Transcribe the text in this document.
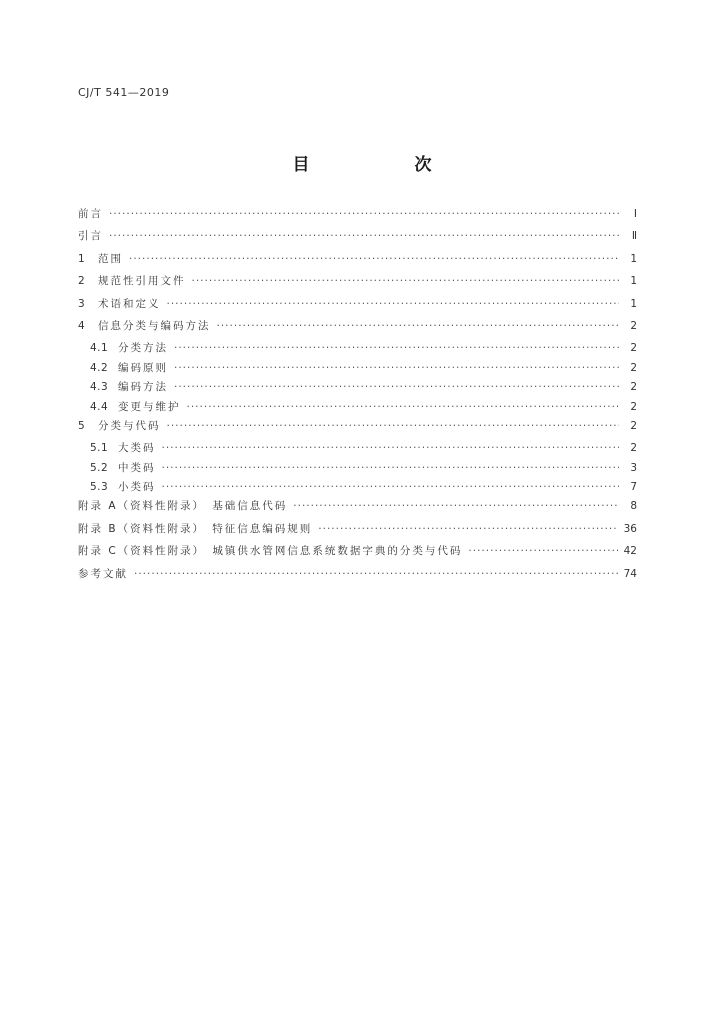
CJ/T 541—2019
目　次
前言 ·····	Ⅰ
引言 ·····	Ⅱ
1	范围 ·····	1
2	规范性引用文件 ·····	1
3	术语和定义 ·····	1
4	信息分类与编码方法 ·····	2
4.1 分类方法 ·····	2
4.2 编码原则 ·····	2
4.3 编码方法 ·····	2
4.4 变更与维护 ·····	2
5	分类与代码 ·····	2
5.1 大类码 ·····	2
5.2 中类码 ·····	3
5.3 小类码 ·····	7
附录 A（资料性附录）　基础信息代码 ·····	8
附录 B（资料性附录）　特征信息编码规则 ·····	36
附录 C（资料性附录）　城镇供水管网信息系统数据字典的分类与代码 ·····	42
参考文献 ·····	74
